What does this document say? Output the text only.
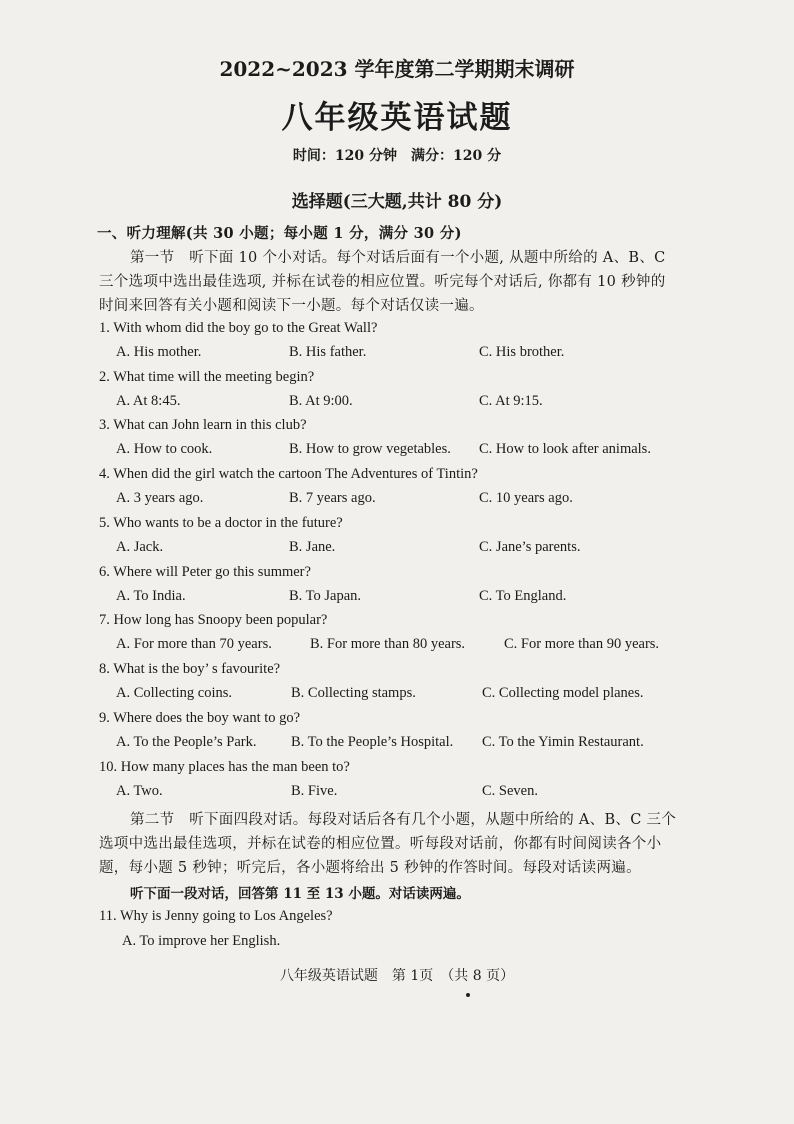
2022~2023 学年度第二学期期末调研
八年级英语试题
时间：120 分钟　满分：120 分
选择题(三大题,共计 80 分)
一、听力理解(共 30 小题；每小题 1 分，满分 30 分)
第一节　听下面 10 个小对话。每个对话后面有一个小题, 从题中所给的 A、B、C
三个选项中选出最佳选项, 并标在试卷的相应位置。听完每个对话后, 你都有 10 秒钟的
时间来回答有关小题和阅读下一小题。每个对话仅读一遍。
1. With whom did the boy go to the Great Wall?
A. His mother.	B. His father.	C. His brother.
2. What time will the meeting begin?
A. At 8:45.	B. At 9:00.	C. At 9:15.
3. What can John learn in this club?
A. How to cook.	B. How to grow vegetables. C. How to look after animals.
4. When did the girl watch the cartoon The Adventures of Tintin?
A. 3 years ago.	B. 7 years ago.	C. 10 years ago.
5. Who wants to be a doctor in the future?
A. Jack.	B. Jane.	C. Jane’s parents.
6. Where will Peter go this summer?
A. To India.	B. To Japan.	C. To England.
7. How long has Snoopy been popular?
A. For more than 70 years.	B. For more than 80 years.	C. For more than 90 years.
8. What is the boy’ s favourite?
A. Collecting coins.	B. Collecting stamps.	C. Collecting model planes.
9. Where does the boy want to go?
A. To the People’s Park. B. To the People’s Hospital. C. To the Yimin Restaurant.
10. How many places has the man been to?
A. Two.	B. Five.	C. Seven.
第二节　听下面四段对话。每段对话后各有几个小题，从题中所给的 A、B、C 三个
选项中选出最佳选项，并标在试卷的相应位置。听每段对话前，你都有时间阅读各个小
题，每小题 5 秒钟；听完后，各小题将给出 5 秒钟的作答时间。每段对话读两遍。
听下面一段对话，回答第 11 至 13 小题。对话读两遍。
11. Why is Jenny going to Los Angeles?
A. To improve her English.
八年级英语试题　第 1页　（共 8 页）
